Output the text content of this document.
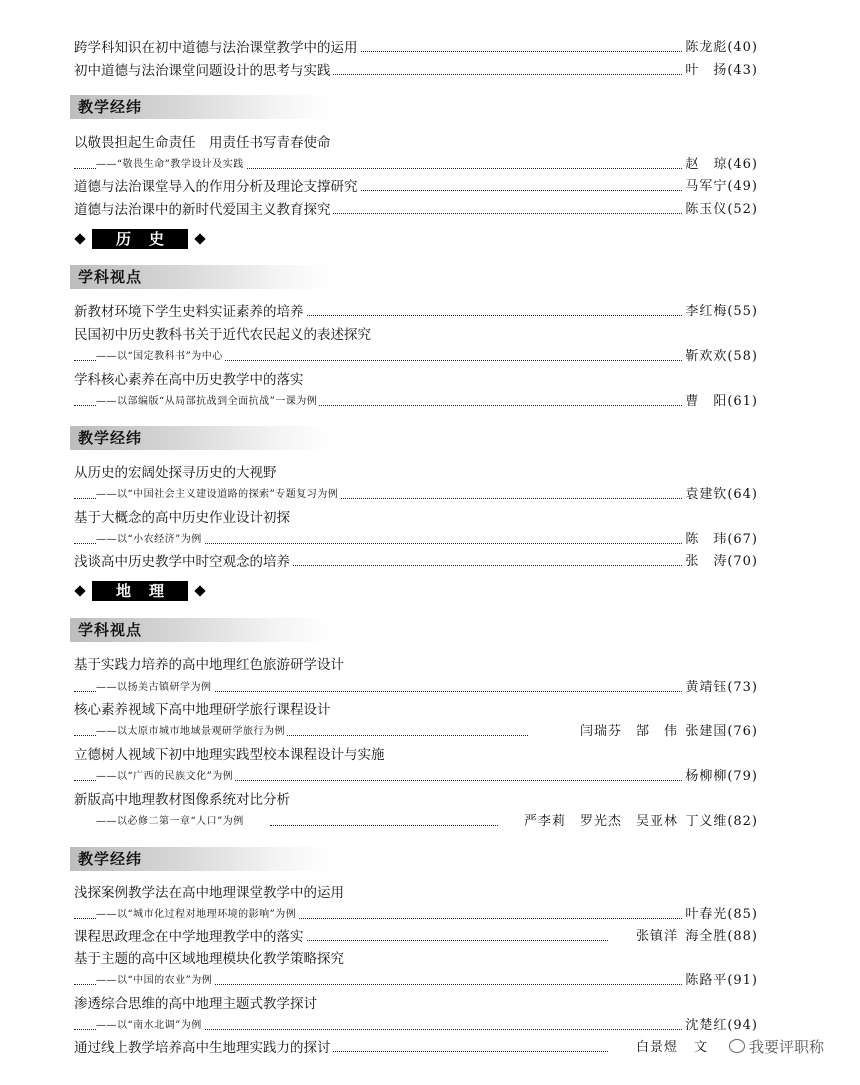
跨学科知识在初中道德与法治课堂教学中的运用	陈龙彪(40)
初中道德与法治课堂问题设计的思考与实践	叶　扬(43)
教学经纬
以敬畏担起生命责任　用责任书写青春使命
——“敬畏生命”教学设计及实践	赵　琼(46)
道德与法治课堂导入的作用分析及理论支撑研究	马军宁(49)
道德与法治课中的新时代爱国主义教育探究	陈玉仪(52)
历史
学科视点
新教材环境下学生史料实证素养的培养	李红梅(55)
民国初中历史教科书关于近代农民起义的表述探究
——以“国定教科书”为中心	靳欢欢(58)
学科核心素养在高中历史教学中的落实
——以部编版“从局部抗战到全面抗战”一课为例	曹　阳(61)
教学经纬
从历史的宏阔处探寻历史的大视野
——以“中国社会主义建设道路的探索”专题复习为例	袁建钦(64)
基于大概念的高中历史作业设计初探
——以“小农经济”为例	陈　玮(67)
浅谈高中历史教学中时空观念的培养	张　涛(70)
地理
学科视点
基于实践力培养的高中地理红色旅游研学设计
——以扬美古镇研学为例	黄靖钰(73)
核心素养视域下高中地理研学旅行课程设计
——以太原市城市地域景观研学旅行为例	闫瑞芬　郜　伟 张建国(76)
立德树人视域下初中地理实践型校本课程设计与实施
——以“广西的民族文化”为例	杨柳柳(79)
新版高中地理教材图像系统对比分析
——以必修二第一章“人口”为例	严李莉　罗光杰　吴亚林 丁义维(82)
教学经纬
浅探案例教学法在高中地理课堂教学中的运用
——以“城市化过程对地理环境的影响”为例	叶春光(85)
课程思政理念在中学地理教学中的落实	张镇洋 海全胜(88)
基于主题的高中区域地理模块化教学策略探究
——以“中国的农业”为例	陈路平(91)
渗透综合思维的高中地理主题式教学探讨
——以“南水北调”为例	沈楚红(94)
通过线上教学培养高中生地理实践力的探讨	白景煜 文	我要评职称
